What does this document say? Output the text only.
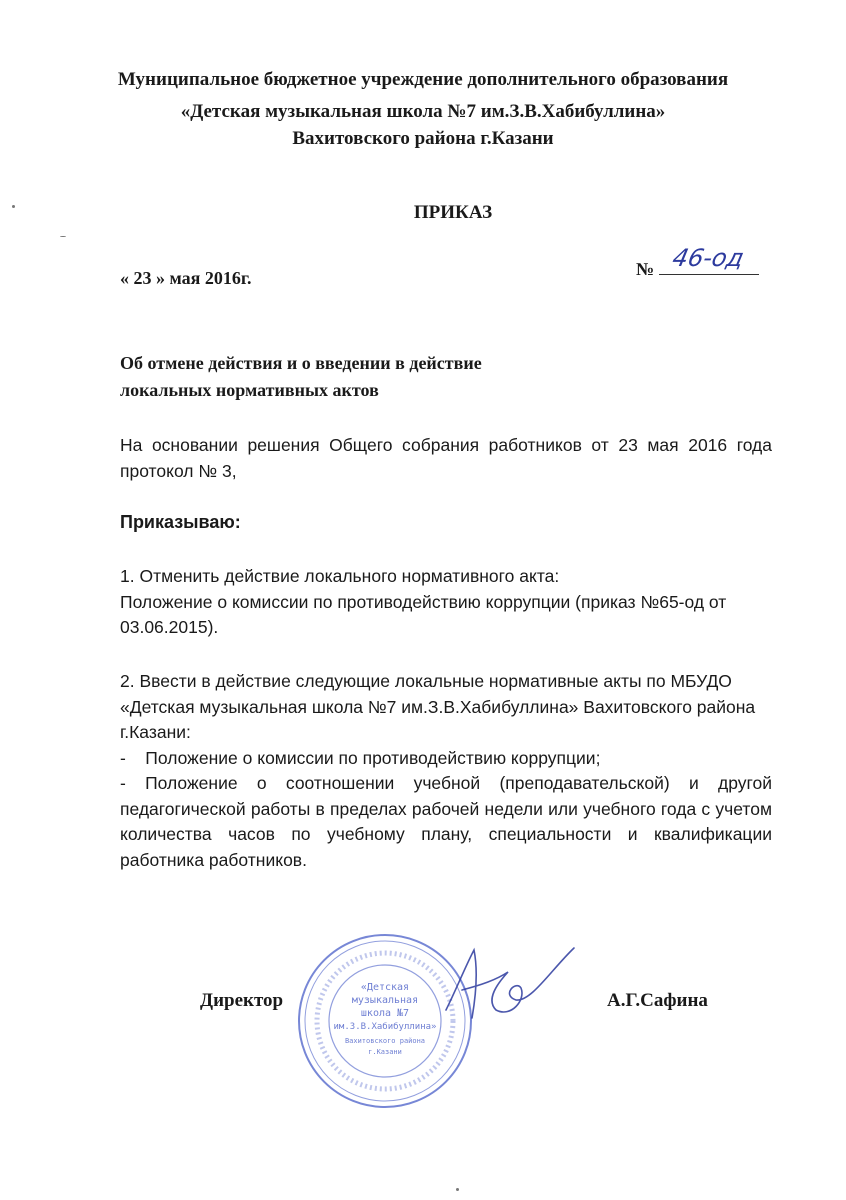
Муниципальное бюджетное учреждение дополнительного образования
«Детская музыкальная школа №7 им.З.В.Хабибуллина»
Вахитовского района г.Казани
ПРИКАЗ
« 23 » мая 2016г.	№ 46-од
Об отмене действия и о введении в действие
локальных нормативных актов
На основании решения Общего собрания работников от 23 мая 2016 года протокол № 3,
Приказываю:
1. Отменить действие локального нормативного акта:
Положение о комиссии по противодействию коррупции (приказ №65-од от 03.06.2015).
2. Ввести в действие следующие локальные нормативные акты по МБУДО «Детская музыкальная школа №7 им.З.В.Хабибуллина» Вахитовского района г.Казани:
-    Положение о комиссии по противодействию коррупции;
- Положение о соотношении учебной (преподавательской) и другой педагогической работы в пределах рабочей недели или учебного года с учетом количества часов по учебному плану, специальности и квалификации работника работников.
Директор	А.Г.Сафина
«Детская
музыкальная
школа №7
им.З.В.Хабибуллина»
Вахитовского района
г.Казани
